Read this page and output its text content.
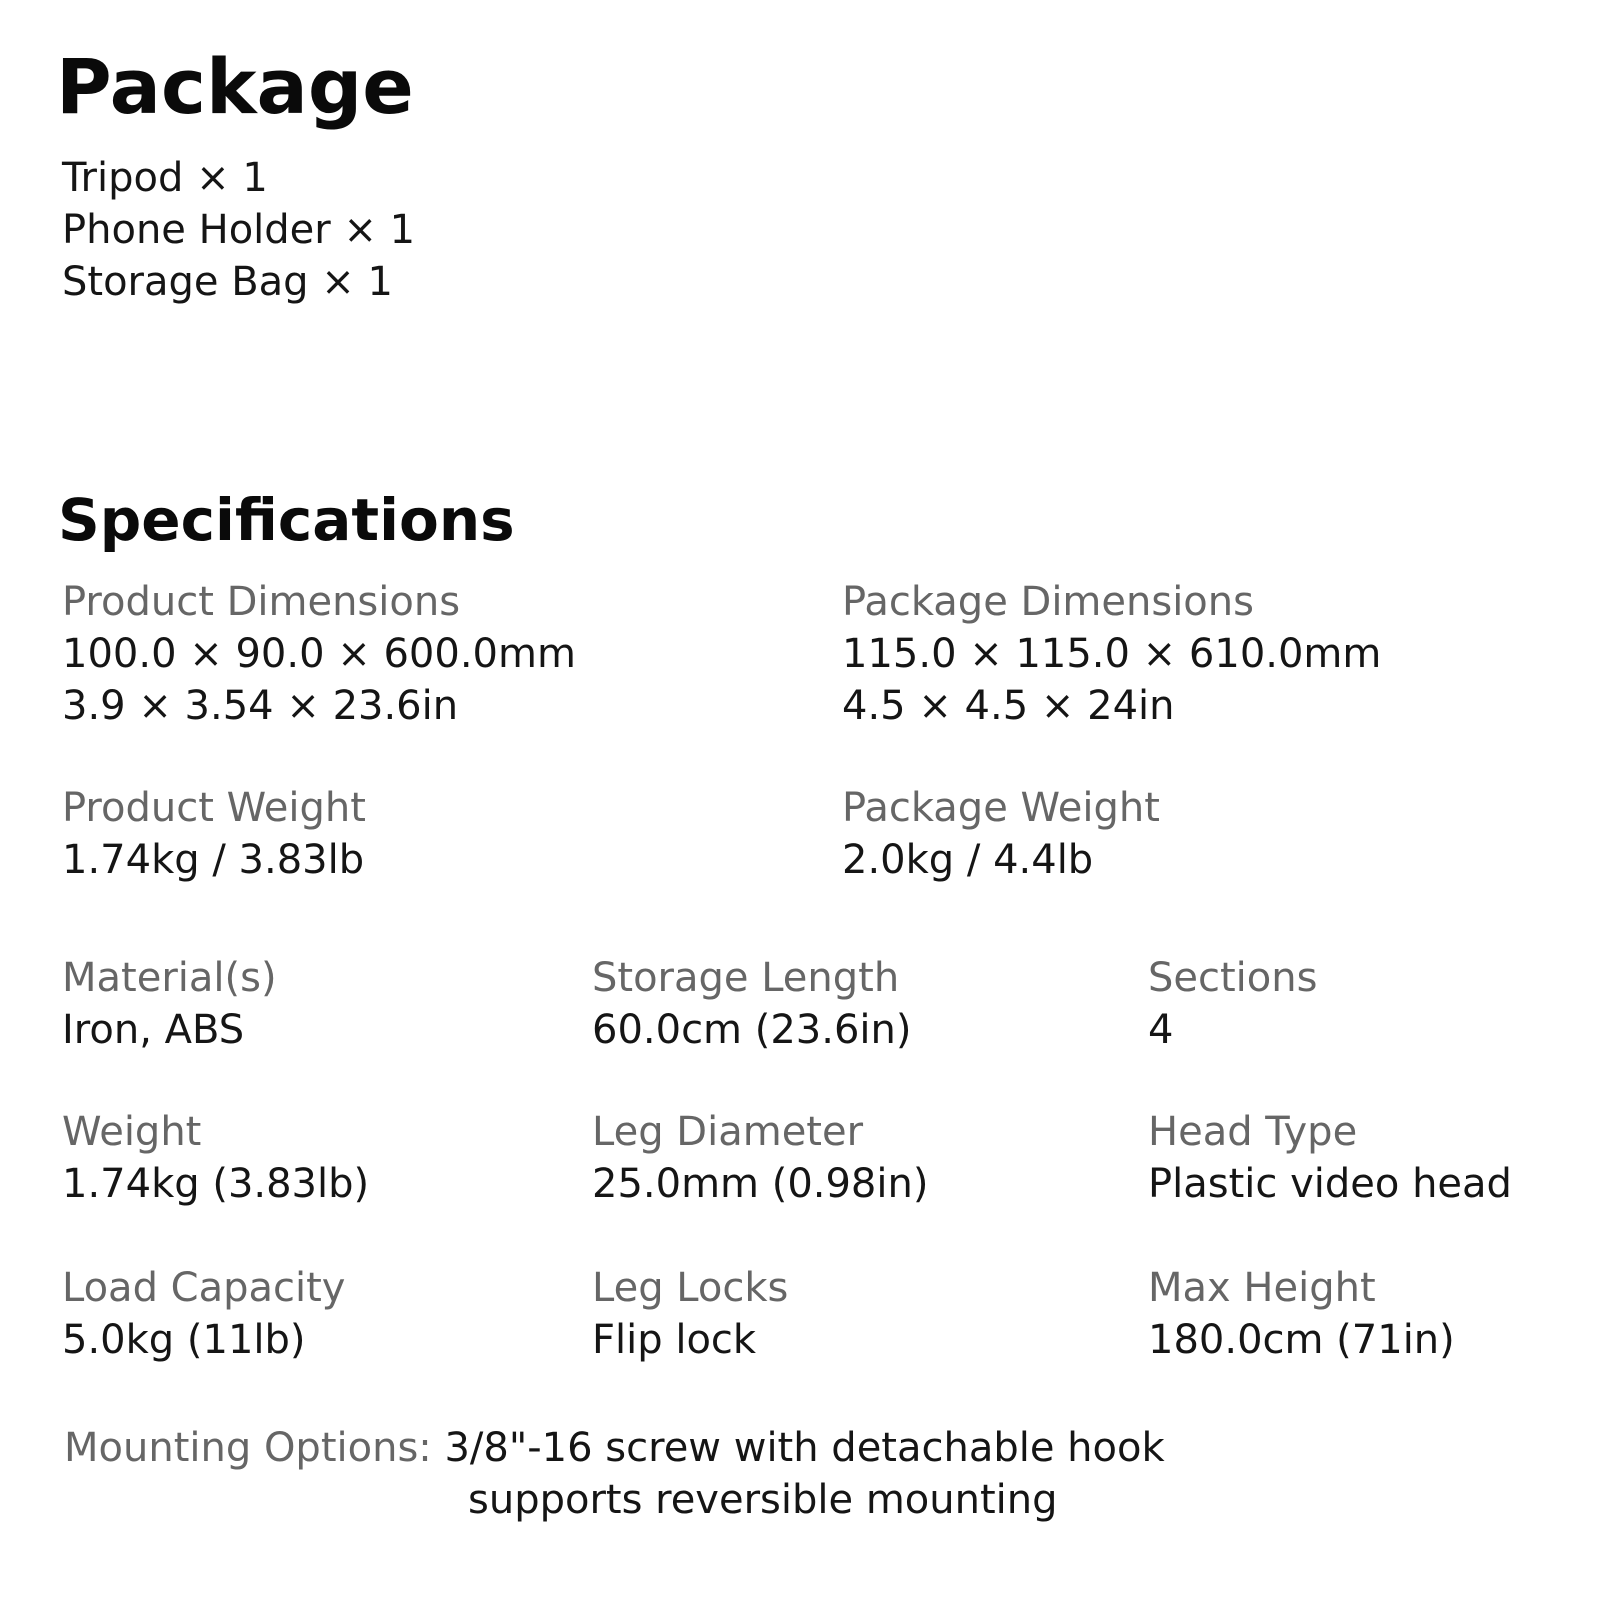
Package
Tripod × 1
Phone Holder × 1
Storage Bag × 1
Specifications
Product Dimensions
100.0 × 90.0 × 600.0mm
3.9 × 3.54 × 23.6in
Package Dimensions
115.0 × 115.0 × 610.0mm
4.5 × 4.5 × 24in
Product Weight
1.74kg / 3.83lb
Package Weight
2.0kg / 4.4lb
Material(s)
Iron, ABS
Storage Length
60.0cm (23.6in)
Sections
4
Weight
1.74kg (3.83lb)
Leg Diameter
25.0mm (0.98in)
Head Type
Plastic video head
Load Capacity
5.0kg (11lb)
Leg Locks
Flip lock
Max Height
180.0cm (71in)
Mounting Options: 3/8"-16 screw with detachable hook
supports reversible mounting
